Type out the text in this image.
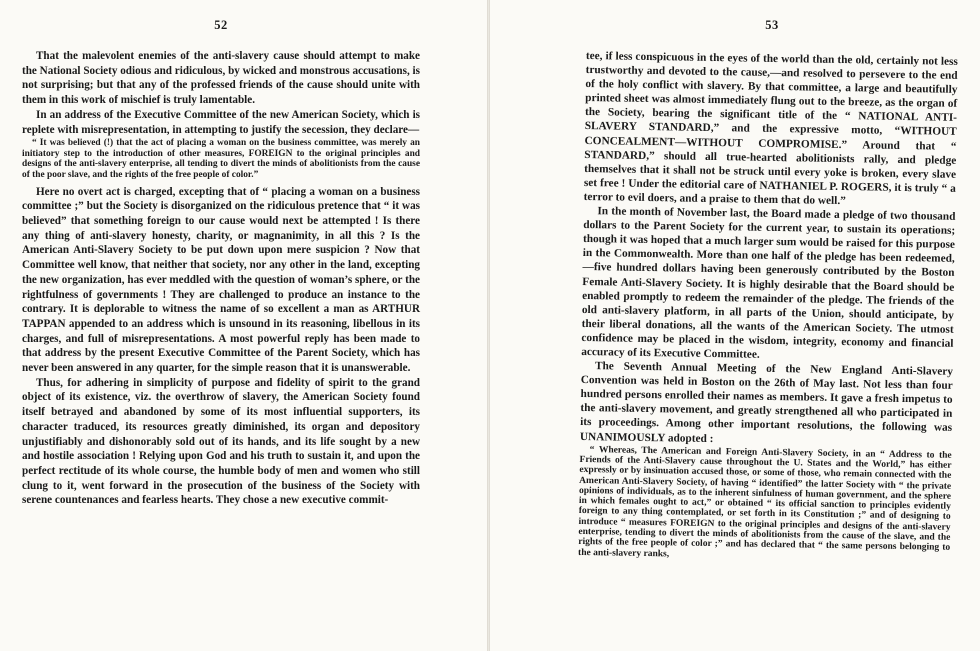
52

That the malevolent enemies of the anti-slavery cause should attempt to make the National Society odious and ridiculous, by wicked and monstrous accusations, is not surprising; but that any of the professed friends of the cause should unite with them in this work of mischief is truly lamentable.

In an address of the Executive Committee of the new American Society, which is replete with misrepresentation, in attempting to justify the secession, they declare—

“ It was believed (!) that the act of placing a woman on the business committee, was merely an initiatory step to the introduction of other measures, FOREIGN to the original principles and designs of the anti-slavery enterprise, all tending to divert the minds of abolitionists from the cause of the poor slave, and the rights of the free people of color.”

Here no overt act is charged, excepting that of “ placing a woman on a business committee ;” but the Society is disorganized on the ridiculous pretence that “ it was believed” that something foreign to our cause would next be attempted ! Is there any thing of anti-slavery honesty, charity, or magnanimity, in all this ? Is the American Anti-Slavery Society to be put down upon mere suspicion ? Now that Committee well know, that neither that society, nor any other in the land, excepting the new organization, has ever meddled with the question of woman’s sphere, or the rightfulness of governments ! They are challenged to produce an instance to the contrary. It is deplorable to witness the name of so excellent a man as ARTHUR TAPPAN appended to an address which is unsound in its reasoning, libellous in its charges, and full of misrepresentations. A most powerful reply has been made to that address by the present Executive Committee of the Parent Society, which has never been answered in any quarter, for the simple reason that it is unanswerable.

Thus, for adhering in simplicity of purpose and fidelity of spirit to the grand object of its existence, viz. the overthrow of slavery, the American Society found itself betrayed and abandoned by some of its most influential supporters, its character traduced, its resources greatly diminished, its organ and depository unjustifiably and dishonorably sold out of its hands, and its life sought by a new and hostile association ! Relying upon God and his truth to sustain it, and upon the perfect rectitude of its whole course, the humble body of men and women who still clung to it, went forward in the prosecution of the business of the Society with serene countenances and fearless hearts. They chose a new executive commit-

53

tee, if less conspicuous in the eyes of the world than the old, certainly not less trustworthy and devoted to the cause,—and resolved to persevere to the end of the holy conflict with slavery. By that committee, a large and beautifully printed sheet was almost immediately flung out to the breeze, as the organ of the Society, bearing the significant title of the “ NATIONAL ANTI-SLAVERY STANDARD,” and the expressive motto, “WITHOUT CONCEALMENT—WITHOUT COMPROMISE.” Around that “ STANDARD,” should all true-hearted abolitionists rally, and pledge themselves that it shall not be struck until every yoke is broken, every slave set free ! Under the editorial care of NATHANIEL P. ROGERS, it is truly “ a terror to evil doers, and a praise to them that do well.”

In the month of November last, the Board made a pledge of two thousand dollars to the Parent Society for the current year, to sustain its operations; though it was hoped that a much larger sum would be raised for this purpose in the Commonwealth. More than one half of the pledge has been redeemed,—five hundred dollars having been generously contributed by the Boston Female Anti-Slavery Society. It is highly desirable that the Board should be enabled promptly to redeem the remainder of the pledge. The friends of the old anti-slavery platform, in all parts of the Union, should anticipate, by their liberal donations, all the wants of the American Society. The utmost confidence may be placed in the wisdom, integrity, economy and financial accuracy of its Executive Committee.

The Seventh Annual Meeting of the New England Anti-Slavery Convention was held in Boston on the 26th of May last. Not less than four hundred persons enrolled their names as members. It gave a fresh impetus to the anti-slavery movement, and greatly strengthened all who participated in its proceedings. Among other important resolutions, the following was UNANIMOUSLY adopted :

“ Whereas, The American and Foreign Anti-Slavery Society, in an “ Address to the Friends of the Anti-Slavery cause throughout the U. States and the World,” has either expressly or by insinuation accused those, or some of those, who remain connected with the American Anti-Slavery Society, of having “ identified” the latter Society with “ the private opinions of individuals, as to the inherent sinfulness of human government, and the sphere in which females ought to act,” or obtained “ its official sanction to principles evidently foreign to any thing contemplated, or set forth in its Constitution ;” and of designing to introduce “ measures FOREIGN to the original principles and designs of the anti-slavery enterprise, tending to divert the minds of abolitionists from the cause of the slave, and the rights of the free people of color ;” and has declared that “ the same persons belonging to the anti-slavery ranks,
